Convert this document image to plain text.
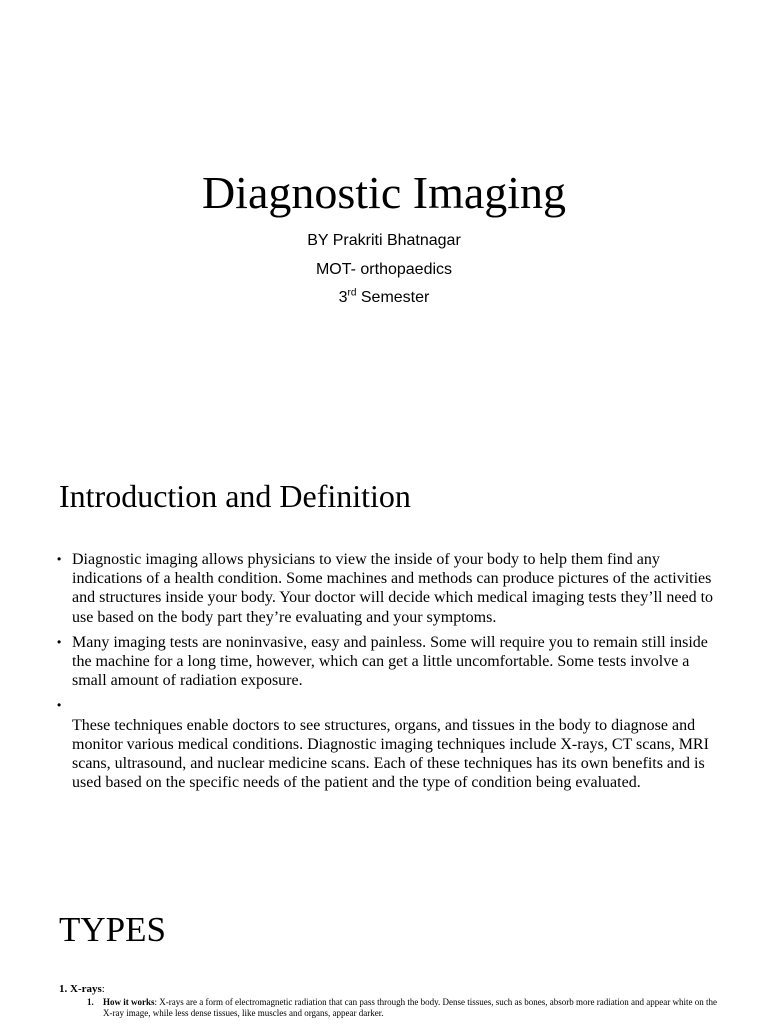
Diagnostic Imaging
BY Prakriti Bhatnagar
MOT- orthopaedics
3rd Semester
Introduction and Definition
• Diagnostic imaging allows physicians to view the inside of your body to help them find any indications of a health condition. Some machines and methods can produce pictures of the activities and structures inside your body. Your doctor will decide which medical imaging tests they’ll need to use based on the body part they’re evaluating and your symptoms.
• Many imaging tests are noninvasive, easy and painless. Some will require you to remain still inside the machine for a long time, however, which can get a little uncomfortable. Some tests involve a small amount of radiation exposure.
•
These techniques enable doctors to see structures, organs, and tissues in the body to diagnose and monitor various medical conditions. Diagnostic imaging techniques include X-rays, CT scans, MRI scans, ultrasound, and nuclear medicine scans. Each of these techniques has its own benefits and is used based on the specific needs of the patient and the type of condition being evaluated.
TYPES
1. X-rays:
1.	How it works: X-rays are a form of electromagnetic radiation that can pass through the body. Dense tissues, such as bones, absorb more radiation and appear white on the X-ray image, while less dense tissues, like muscles and organs, appear darker.
